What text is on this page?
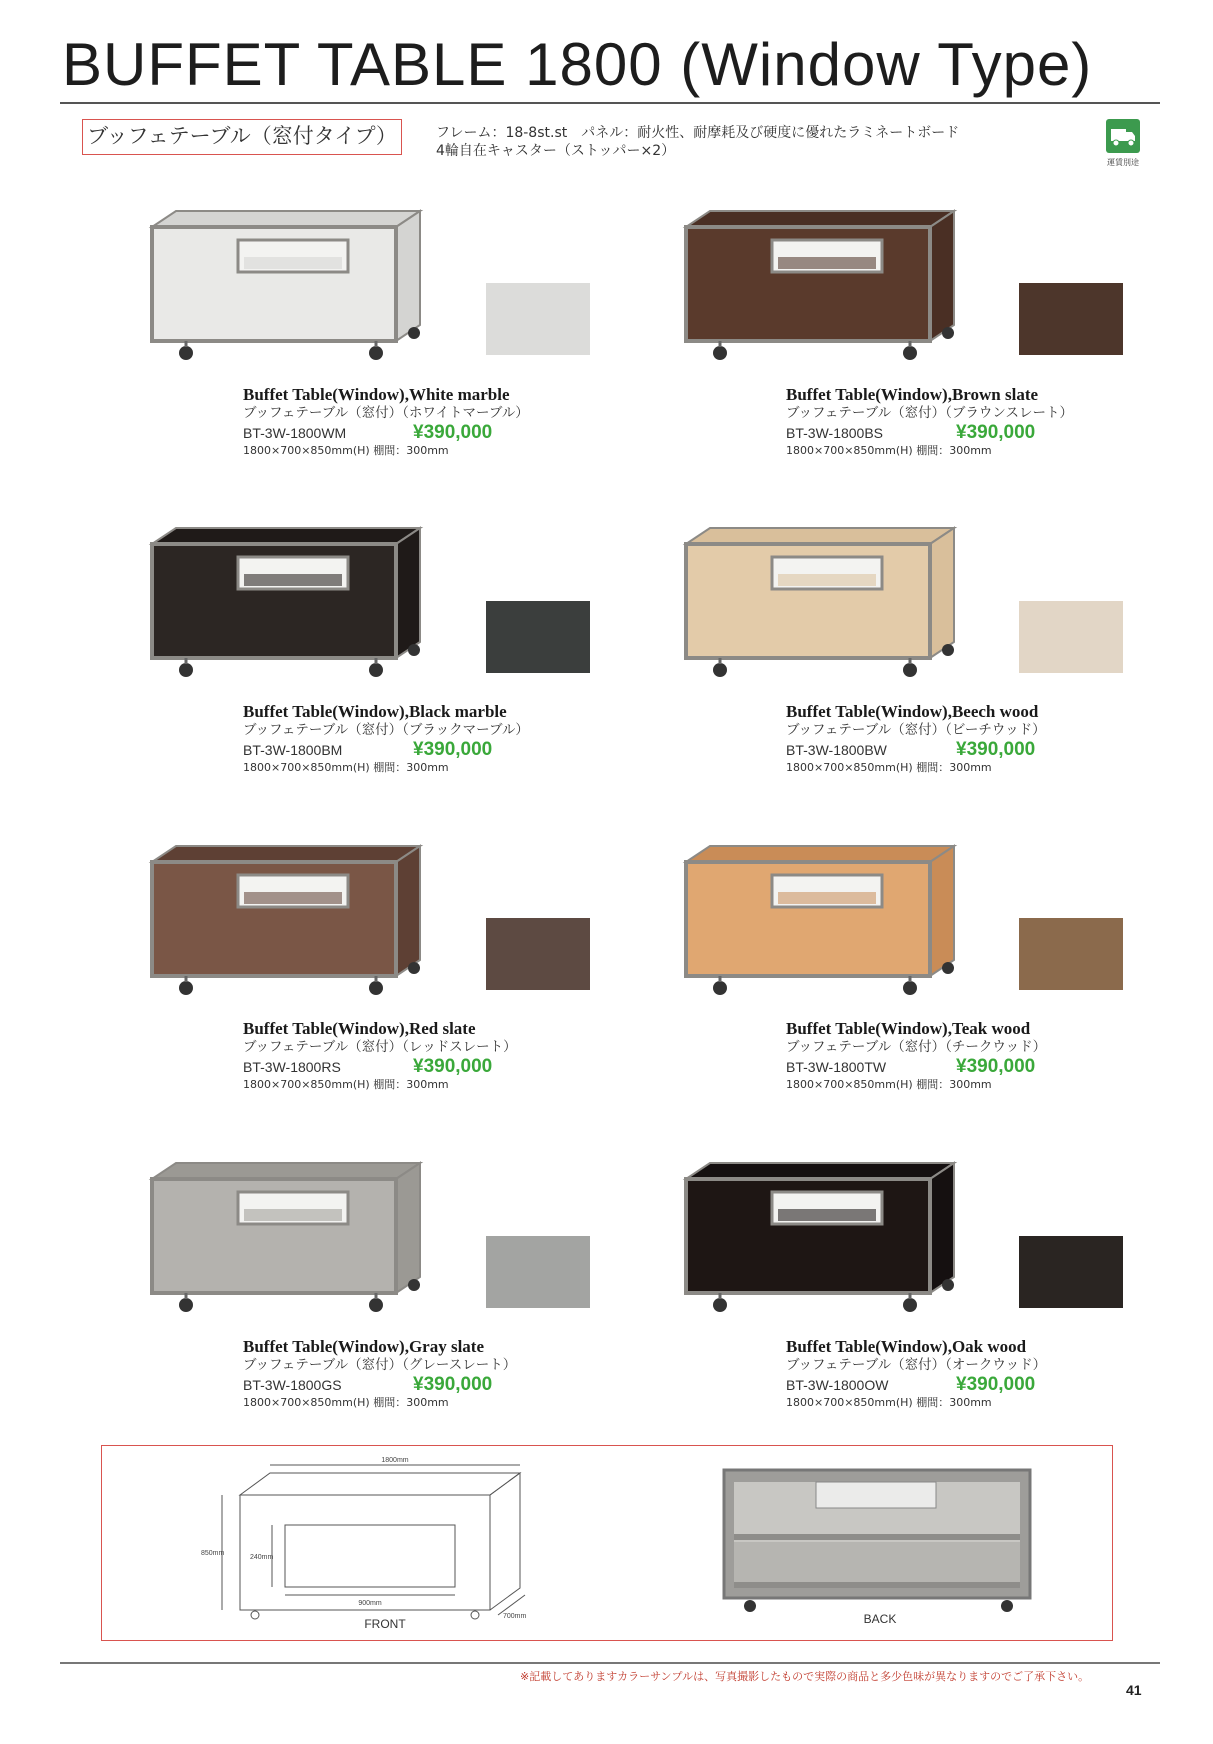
BUFFET TABLE 1800 (Window Type)
ブッフェテーブル（窓付タイプ）	フレーム：18-8st.st　パネル：耐火性、耐摩耗及び硬度に優れたラミネートボード
4輪自在キャスター（ストッパー×2）
運賃別途
Buffet Table(Window),White marble
ブッフェテーブル（窓付）（ホワイトマーブル）
BT-3W-1800WM	¥390,000
1800×700×850mm(H) 棚間：300mm
Buffet Table(Window),Brown slate
ブッフェテーブル（窓付）（ブラウンスレート）
BT-3W-1800BS	¥390,000
1800×700×850mm(H) 棚間：300mm
Buffet Table(Window),Black marble
ブッフェテーブル（窓付）（ブラックマーブル）
BT-3W-1800BM	¥390,000
1800×700×850mm(H) 棚間：300mm
Buffet Table(Window),Beech wood
ブッフェテーブル（窓付）（ビーチウッド）
BT-3W-1800BW	¥390,000
1800×700×850mm(H) 棚間：300mm
Buffet Table(Window),Red slate
ブッフェテーブル（窓付）（レッドスレート）
BT-3W-1800RS	¥390,000
1800×700×850mm(H) 棚間：300mm
Buffet Table(Window),Teak wood
ブッフェテーブル（窓付）（チークウッド）
BT-3W-1800TW	¥390,000
1800×700×850mm(H) 棚間：300mm
Buffet Table(Window),Gray slate
ブッフェテーブル（窓付）（グレースレート）
BT-3W-1800GS	¥390,000
1800×700×850mm(H) 棚間：300mm
Buffet Table(Window),Oak wood
ブッフェテーブル（窓付）（オークウッド）
BT-3W-1800OW	¥390,000
1800×700×850mm(H) 棚間：300mm
1800mm
850mm
240mm
900mm
700mm
FRONT	BACK
※記載してありますカラーサンプルは、写真撮影したもので実際の商品と多少色味が異なりますのでご了承下さい。
41
